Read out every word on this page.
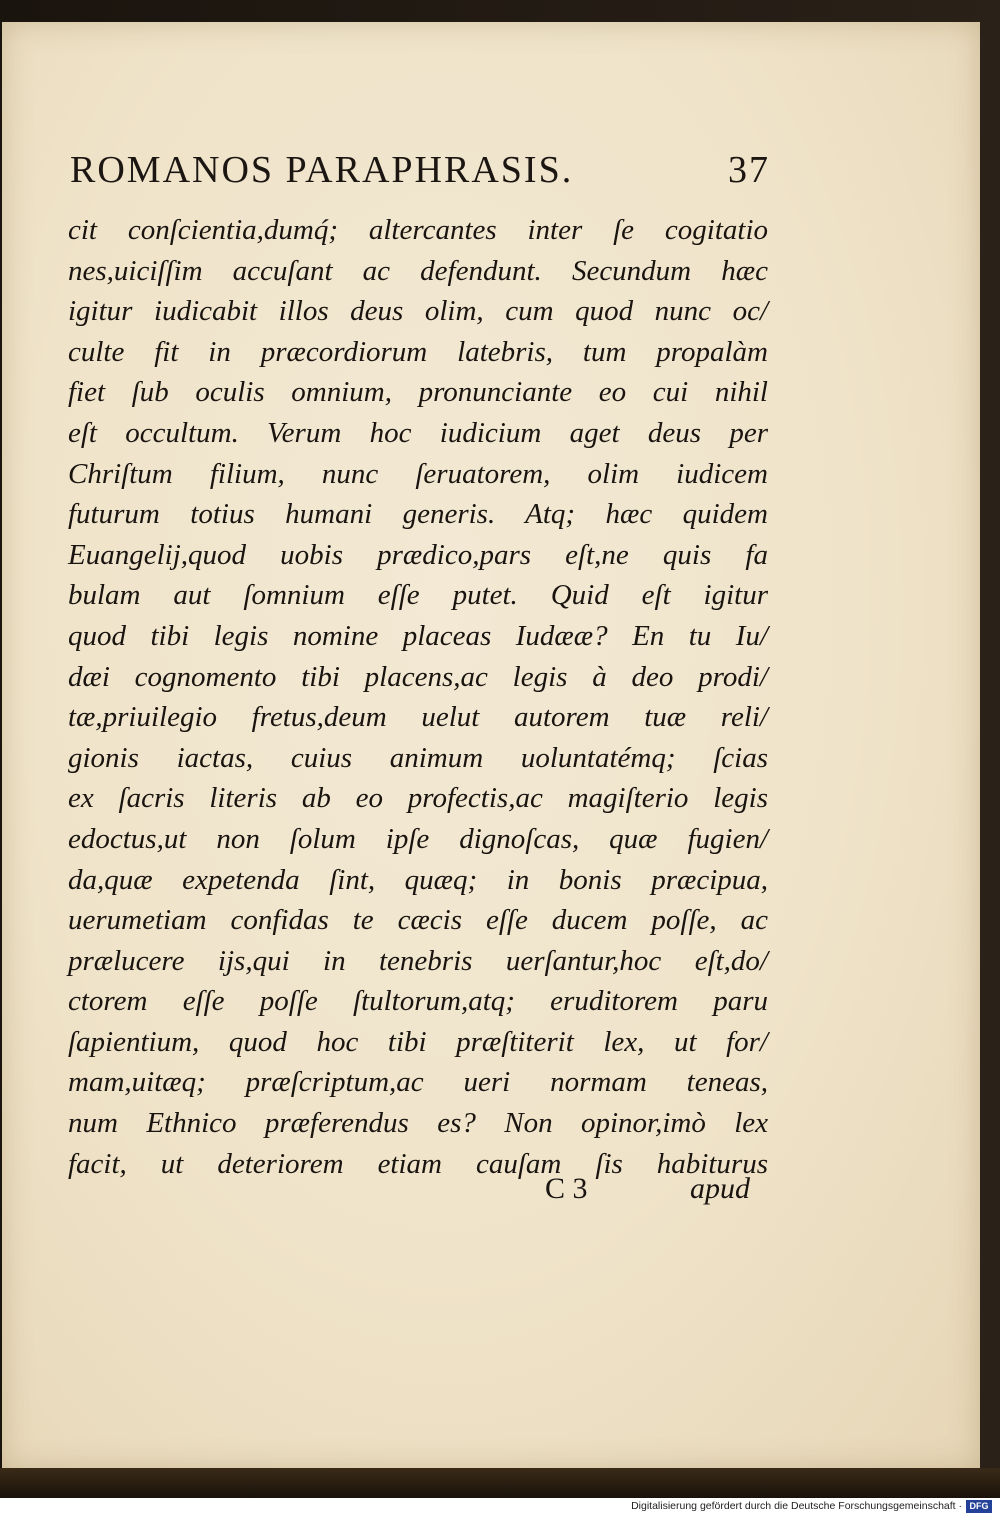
ROMANOS PARAPHRASIS.	37
cit conſcientia,dumq́; altercantes inter ſe cogitatio
nes,uiciſſim accuſant ac defendunt. Secundum hæc
igitur iudicabit illos deus olim, cum quod nunc oc/
culte fit in præcordiorum latebris, tum propalàm
fiet ſub oculis omnium, pronunciante eo cui nihil
eſt occultum. Verum hoc iudicium aget deus per
Chriſtum filium, nunc ſeruatorem, olim iudicem
futurum totius humani generis. Atq; hæc quidem
Euangelij,quod uobis prædico,pars eſt,ne quis fa
bulam aut ſomnium eſſe putet. Quid eſt igitur
quod tibi legis nomine placeas Iudææ? En tu Iu/
dæi cognomento tibi placens,ac legis à deo prodi/
tæ,priuilegio fretus,deum uelut autorem tuæ reli/
gionis iactas, cuius animum uoluntatémq; ſcias
ex ſacris literis ab eo profectis,ac magiſterio legis
edoctus,ut non ſolum ipſe dignoſcas, quæ fugien/
da,quæ expetenda ſint, quæq; in bonis præcipua,
uerumetiam confidas te cæcis eſſe ducem poſſe, ac
prælucere ijs,qui in tenebris uerſantur,hoc eſt,do/
ctorem eſſe poſſe ſtultorum,atq; eruditorem paru
ſapientium, quod hoc tibi præſtiterit lex, ut for/
mam,uitæq; præſcriptum,ac ueri normam teneas,
num Ethnico præferendus es? Non opinor,imò lex
facit, ut deteriorem etiam cauſam ſis habiturus
C 3	apud
Digitalisierung gefördert durch die Deutsche Forschungsgemeinschaft · DFG
